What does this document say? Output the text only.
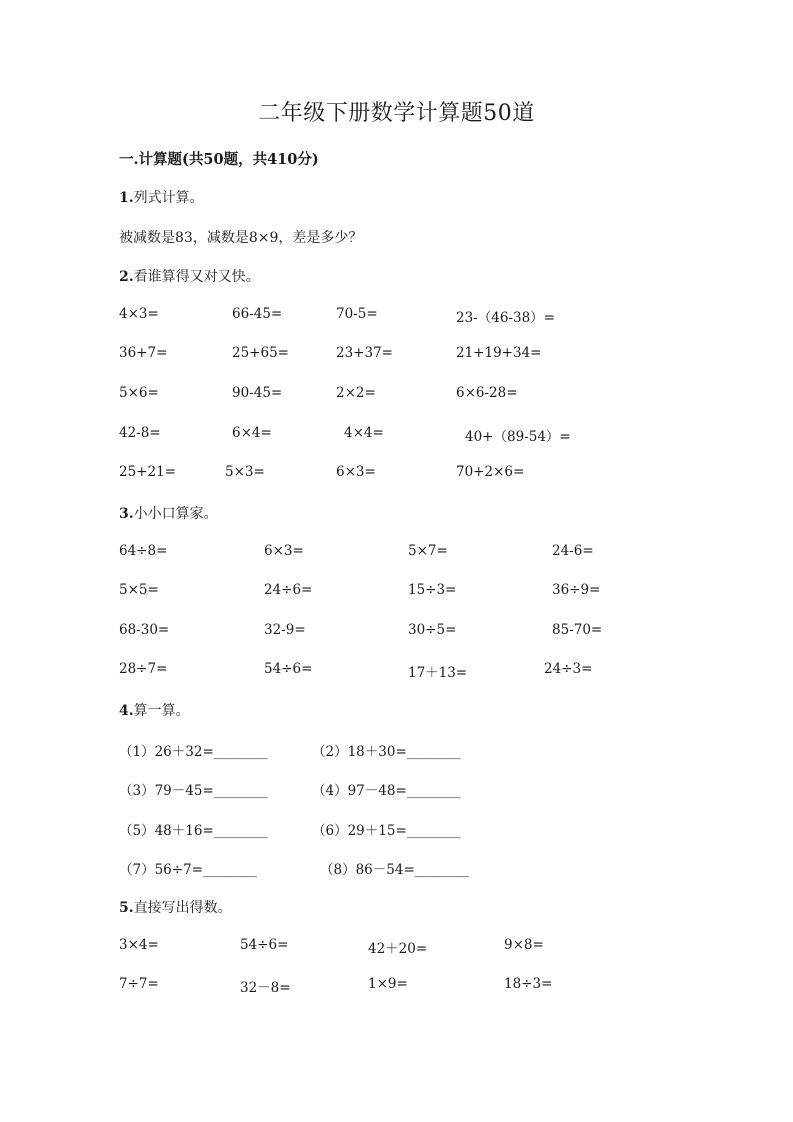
二年级下册数学计算题50道
一.计算题(共50题，共410分)
1.列式计算。
被减数是83，减数是8×9，差是多少？
2.看谁算得又对又快。
4×3=	66-45=	70-5=	23-（46-38）=
36+7=	25+65=	23+37=	21+19+34=
5×6=	90-45=	2×2=	6×6-28=
42-8=	6×4=	4×4=	40+（89-54）=
25+21=	5×3=	6×3=	70+2×6=
3.小小口算家。
64÷8=	6×3=	5×7=	24-6=
5×5=	24÷6=	15÷3=	36÷9=
68-30=	32-9=	30÷5=	85-70=
28÷7=	54÷6=	17＋13=	24÷3=
4.算一算。
（1）26＋32=________	（2）18＋30=________
（3）79－45=________	（4）97－48=________
（5）48＋16=________	（6）29＋15=________
（7）56÷7=________	（8）86－54=________
5.直接写出得数。
3×4=	54÷6=	42＋20=	9×8=
7÷7=	32－8=	1×9=	18÷3=
